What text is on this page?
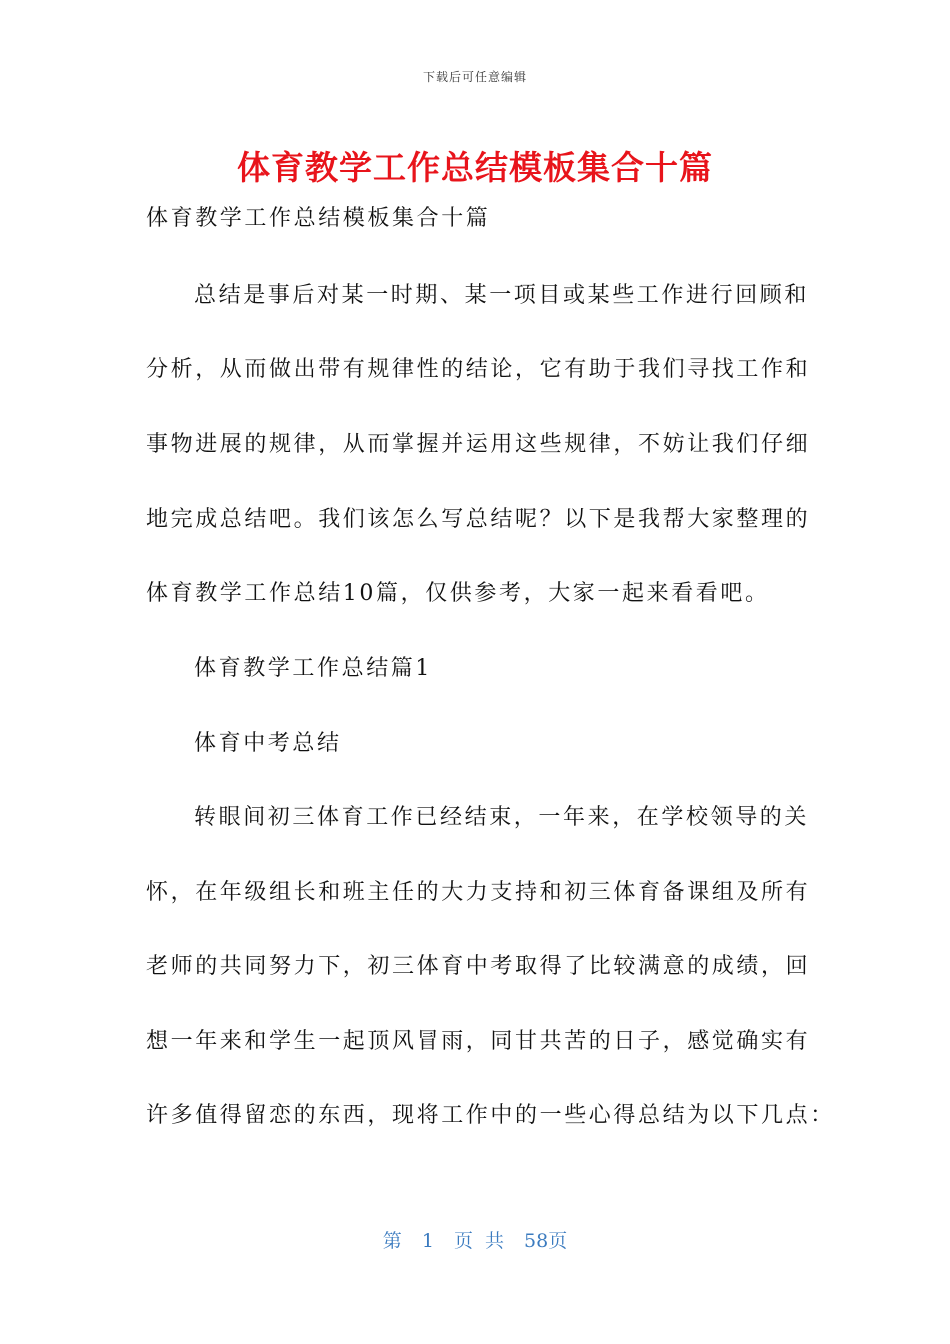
下载后可任意编辑
体育教学工作总结模板集合十篇
体育教学工作总结模板集合十篇
总结是事后对某一时期、某一项目或某些工作进行回顾和
分析，从而做出带有规律性的结论，它有助于我们寻找工作和
事物进展的规律，从而掌握并运用这些规律，不妨让我们仔细
地完成总结吧。我们该怎么写总结呢？以下是我帮大家整理的
体育教学工作总结10篇，仅供参考，大家一起来看看吧。
体育教学工作总结篇1
体育中考总结
转眼间初三体育工作已经结束，一年来，在学校领导的关
怀，在年级组长和班主任的大力支持和初三体育备课组及所有
老师的共同努力下，初三体育中考取得了比较满意的成绩，回
想一年来和学生一起顶风冒雨，同甘共苦的日子，感觉确实有
许多值得留恋的东西，现将工作中的一些心得总结为以下几点：
第 1 页 共 58页
